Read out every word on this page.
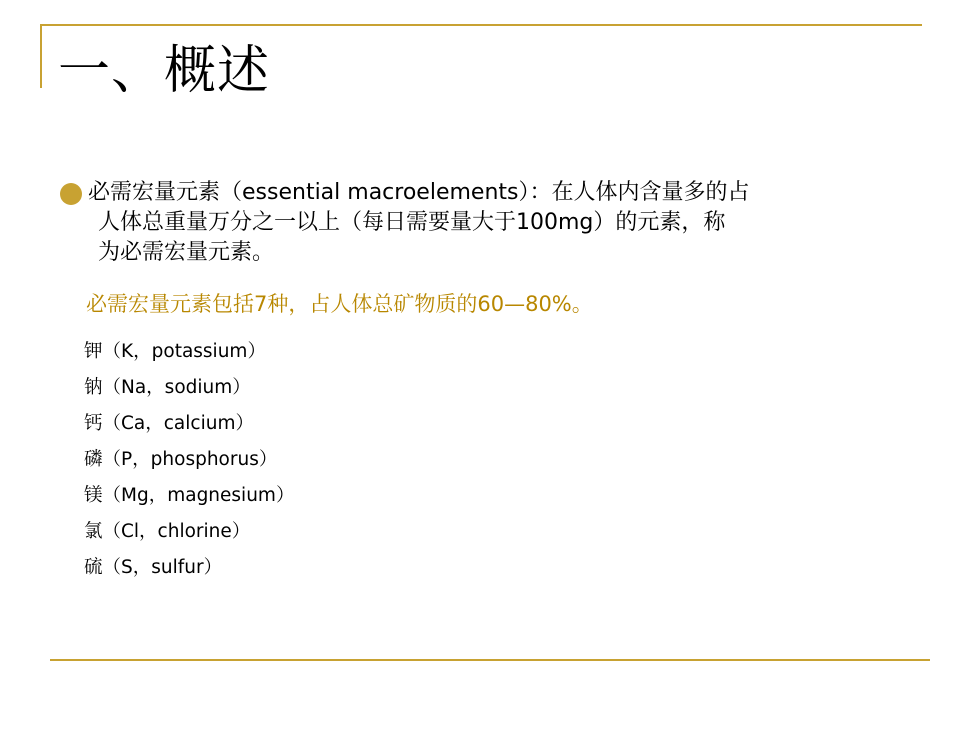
一、概述
必需宏量元素（essential macroelements）：在人体内含量多的占
人体总重量万分之一以上（每日需要量大于100mg）的元素，称
为必需宏量元素。
必需宏量元素包括7种，占人体总矿物质的60—80%。
钾（K，potassium）
钠（Na，sodium）
钙（Ca，calcium）
磷（P，phosphorus）
镁（Mg，magnesium）
氯（Cl，chlorine）
硫（S，sulfur）
